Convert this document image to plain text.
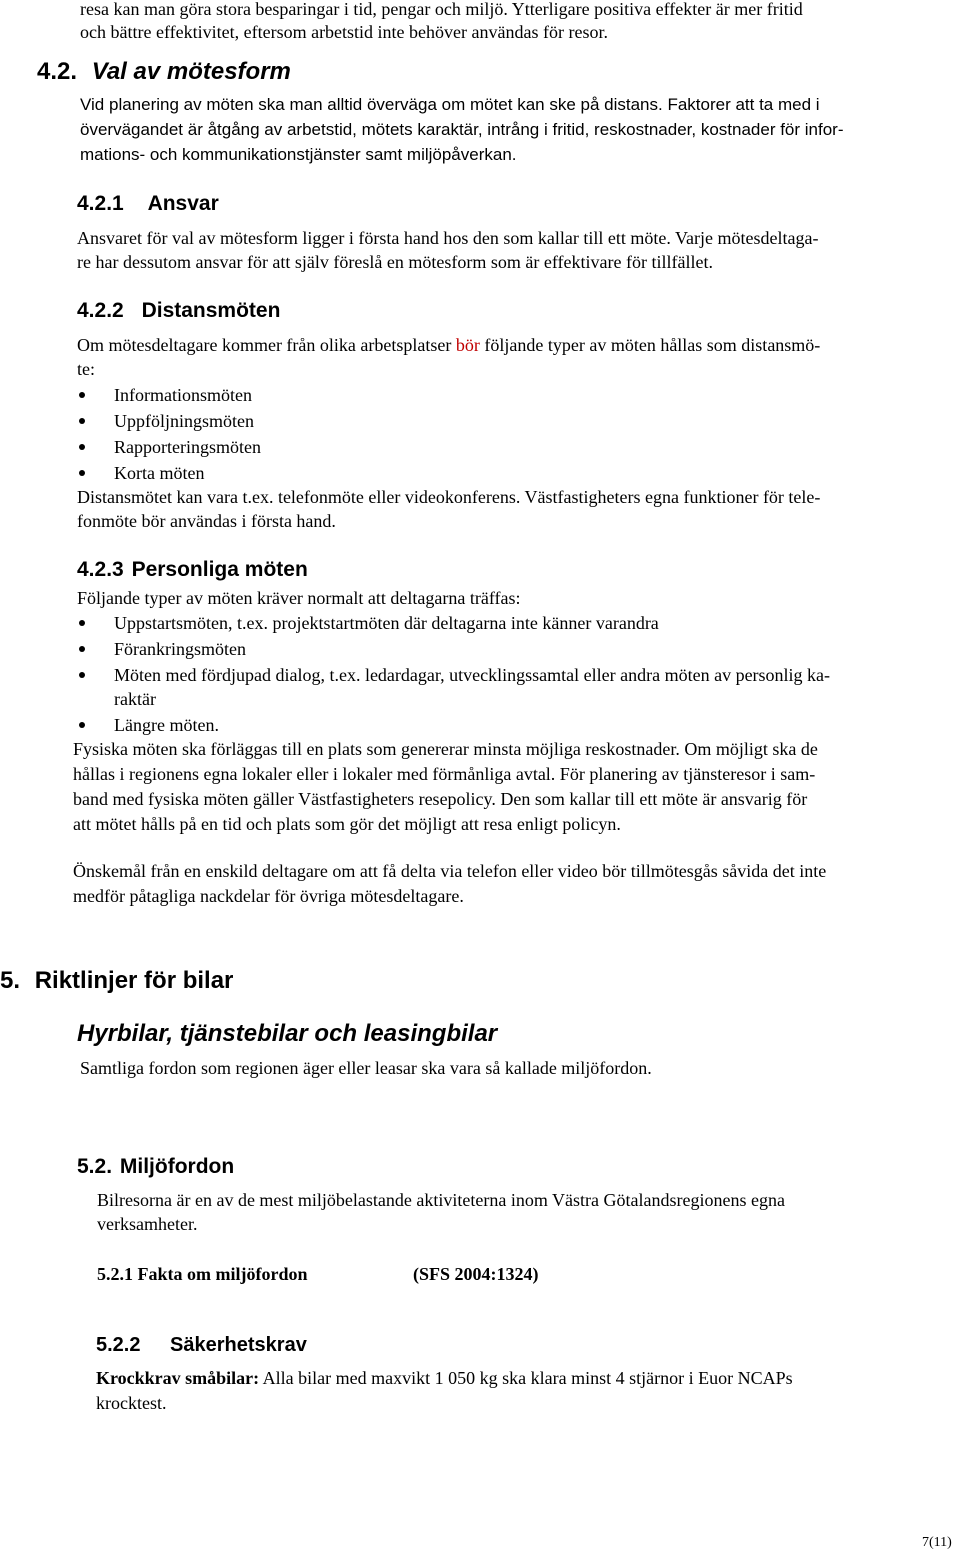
resa kan man göra stora besparingar i tid, pengar och miljö. Ytterligare positiva effekter är mer fritid
och bättre effektivitet, eftersom arbetstid inte behöver användas för resor.
4.2. Val av mötesform
Vid planering av möten ska man alltid överväga om mötet kan ske på distans. Faktorer att ta med i
övervägandet är åtgång av arbetstid, mötets karaktär, intrång i fritid, reskostnader, kostnader för infor-
mations- och kommunikationstjänster samt miljöpåverkan.
4.2.1 Ansvar
Ansvaret för val av mötesform ligger i första hand hos den som kallar till ett möte. Varje mötesdeltaga-
re har dessutom ansvar för att själv föreslå en mötesform som är effektivare för tillfället.
4.2.2 Distansmöten
Om mötesdeltagare kommer från olika arbetsplatser bör följande typer av möten hållas som distansmö-
te:
Informationsmöten
Uppföljningsmöten
Rapporteringsmöten
Korta möten
Distansmötet kan vara t.ex. telefonmöte eller videokonferens. Västfastigheters egna funktioner för tele-
fonmöte bör användas i första hand.
4.2.3 Personliga möten
Följande typer av möten kräver normalt att deltagarna träffas:
Uppstartsmöten, t.ex. projektstartmöten där deltagarna inte känner varandra
Förankringsmöten
Möten med fördjupad dialog, t.ex. ledardagar, utvecklingssamtal eller andra möten av personlig ka-
raktär
Längre möten.
Fysiska möten ska förläggas till en plats som genererar minsta möjliga reskostnader. Om möjligt ska de
hållas i regionens egna lokaler eller i lokaler med förmånliga avtal. För planering av tjänsteresor i sam-
band med fysiska möten gäller Västfastigheters resepolicy. Den som kallar till ett möte är ansvarig för
att mötet hålls på en tid och plats som gör det möjligt att resa enligt policyn.
Önskemål från en enskild deltagare om att få delta via telefon eller video bör tillmötesgås såvida det inte
medför påtagliga nackdelar för övriga mötesdeltagare.
5. Riktlinjer för bilar
Hyrbilar, tjänstebilar och leasingbilar
Samtliga fordon som regionen äger eller leasar ska vara så kallade miljöfordon.
5.2. Miljöfordon
Bilresorna är en av de mest miljöbelastande aktiviteterna inom Västra Götalandsregionens egna
verksamheter.
5.2.1 Fakta om miljöfordon	(SFS 2004:1324)
5.2.2 Säkerhetskrav
Krockkrav småbilar: Alla bilar med maxvikt 1 050 kg ska klara minst 4 stjärnor i Euor NCAPs
krocktest.
7(11)
